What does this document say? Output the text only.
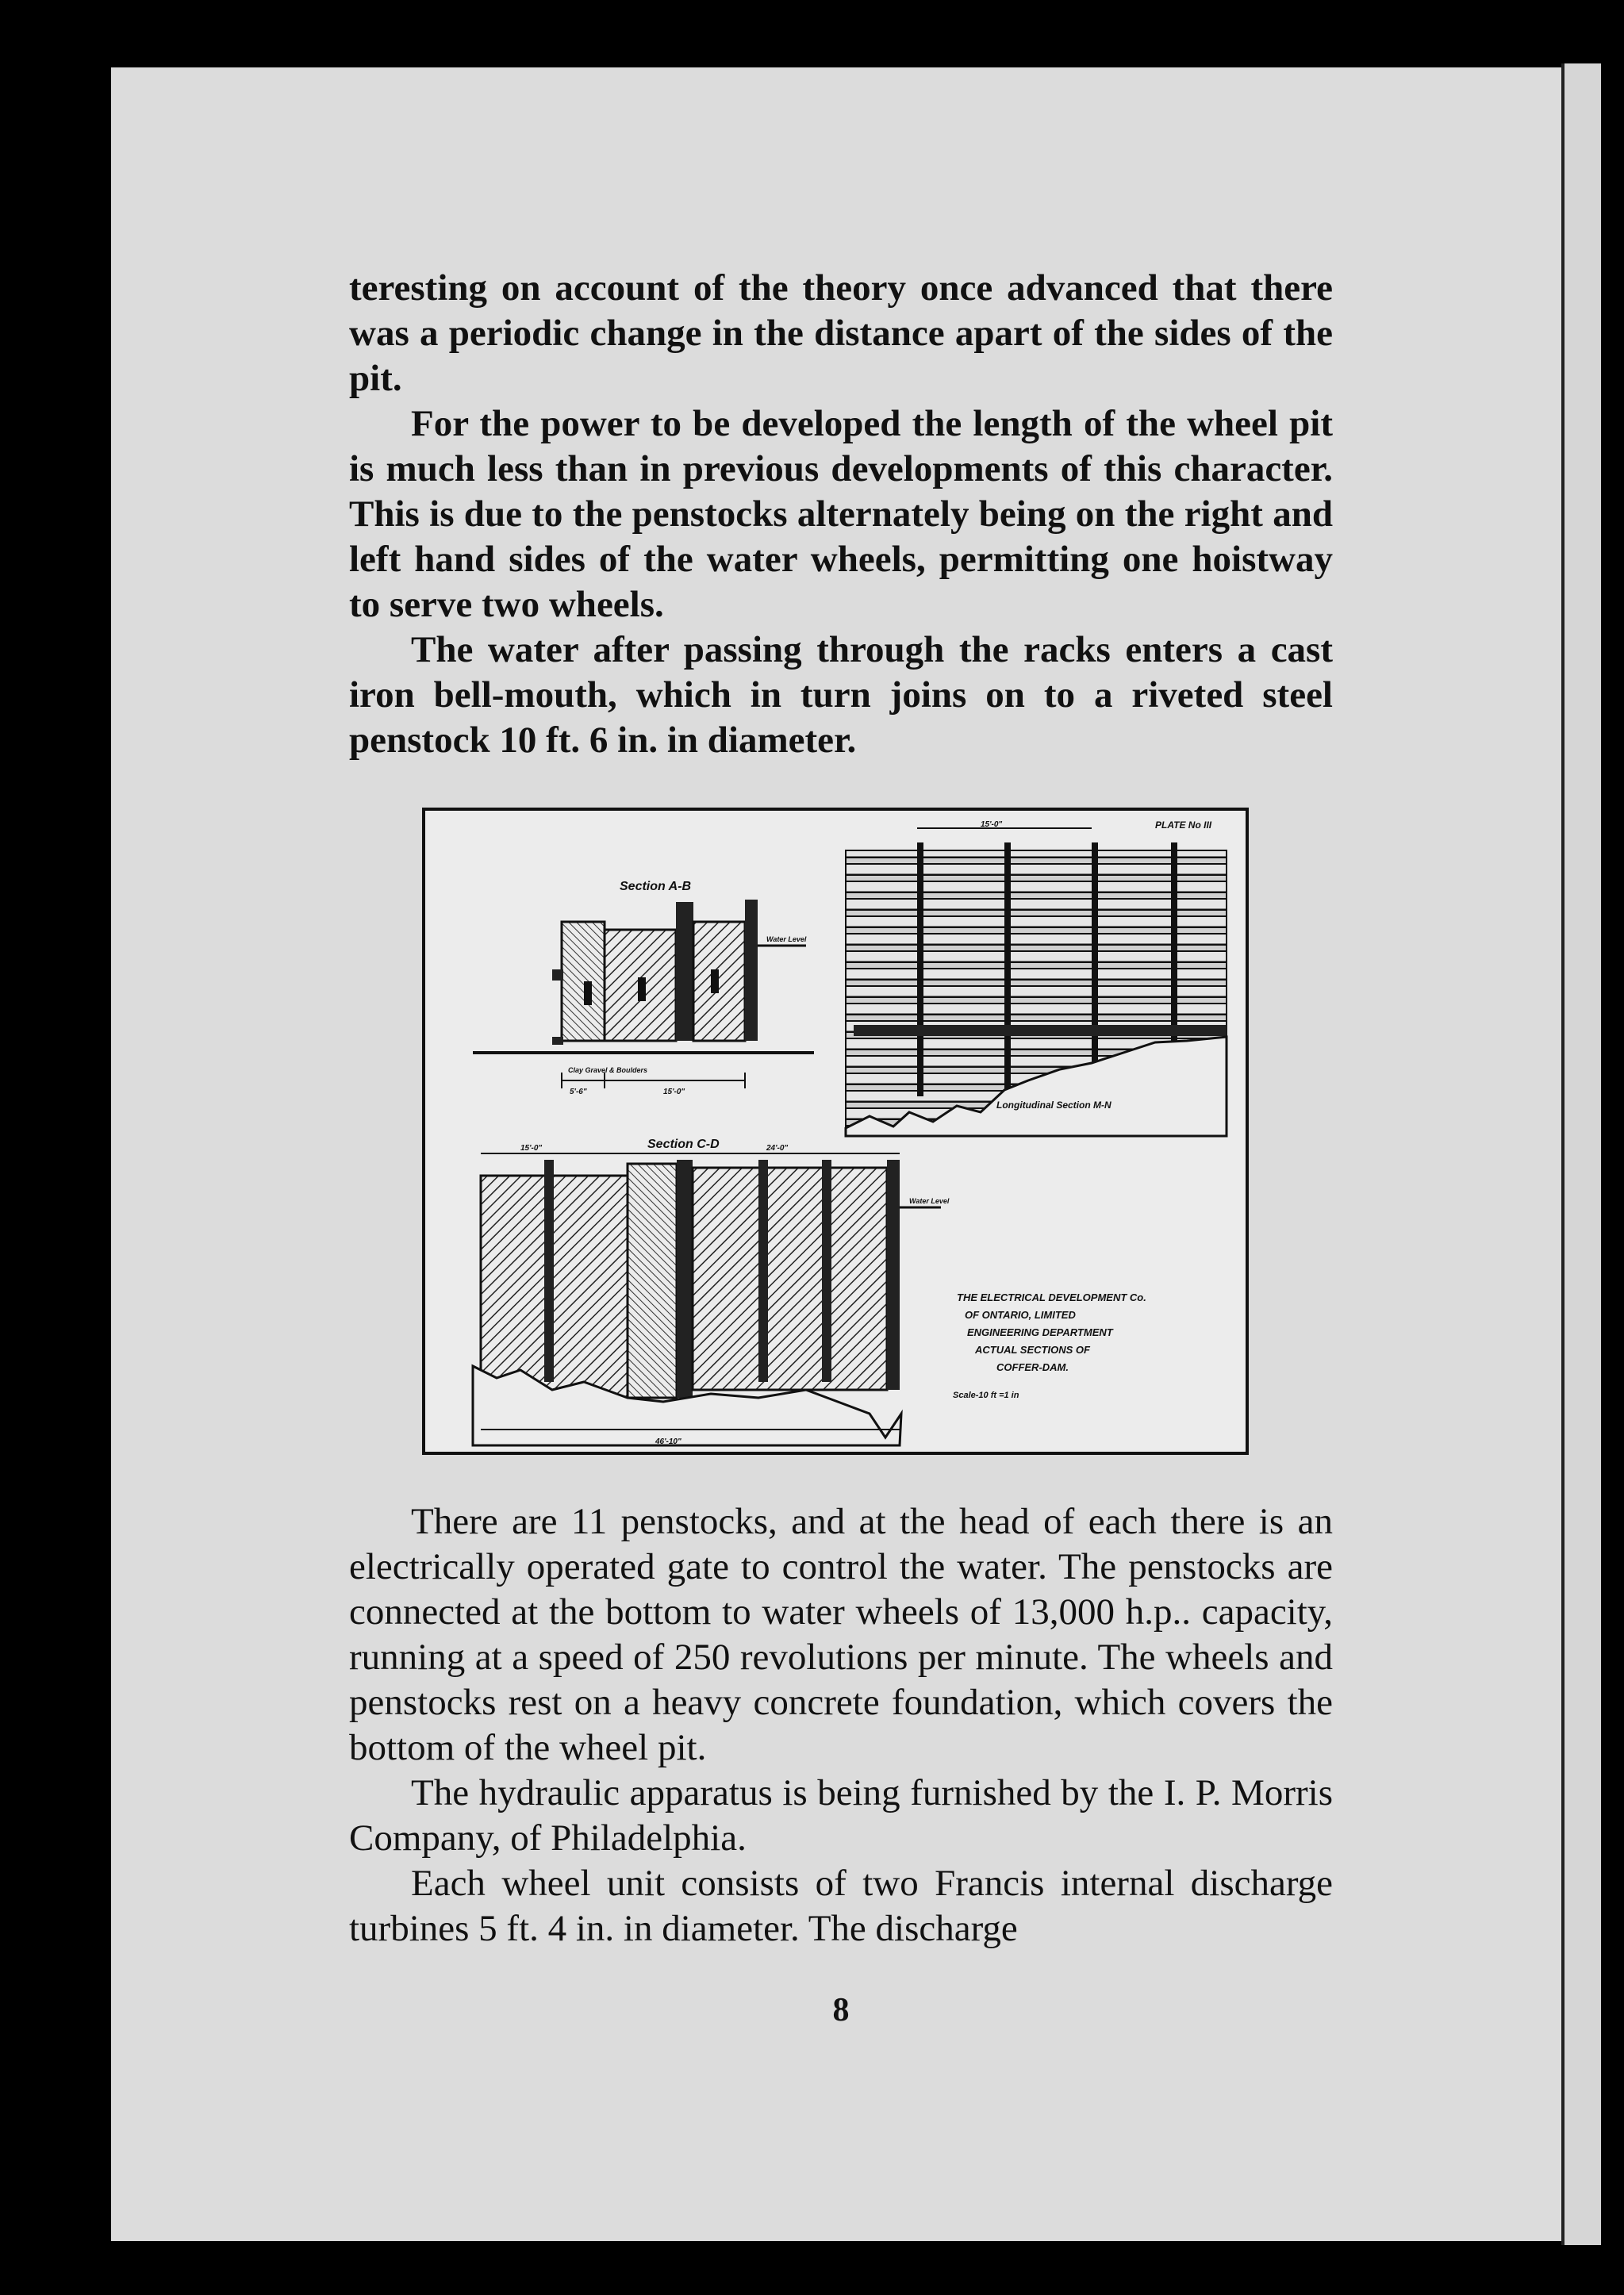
teresting on account of the theory once advanced that there was a periodic change in the distance apart of the sides of the pit.

For the power to be developed the length of the wheel pit is much less than in previous developments of this character. This is due to the penstocks alternately being on the right and left hand sides of the water wheels, permitting one hoistway to serve two wheels.

The water after passing through the racks enters a cast iron bell-mouth, which in turn joins on to a riveted steel penstock 10 ft. 6 in. in diameter.

Section A-B
Water Level
Clay Gravel & Boulders
5'-6"	15'-0"
PLATE No III
15'-0"
Longitudinal Section M-N
Section C-D
Water Level
15'-0"	24'-0"
46'-10"
THE ELECTRICAL DEVELOPMENT Co.
OF ONTARIO, LIMITED
ENGINEERING DEPARTMENT
ACTUAL SECTIONS OF
COFFER-DAM.
Scale-10 ft =1 in

There are 11 penstocks, and at the head of each there is an electrically operated gate to control the water. The penstocks are connected at the bottom to water wheels of 13,000 h.p.. capacity, running at a speed of 250 revolutions per minute. The wheels and penstocks rest on a heavy concrete foundation, which covers the bottom of the wheel pit.

The hydraulic apparatus is being furnished by the I. P. Morris Company, of Philadelphia.

Each wheel unit consists of two Francis internal discharge turbines 5 ft. 4 in. in diameter. The discharge

8
